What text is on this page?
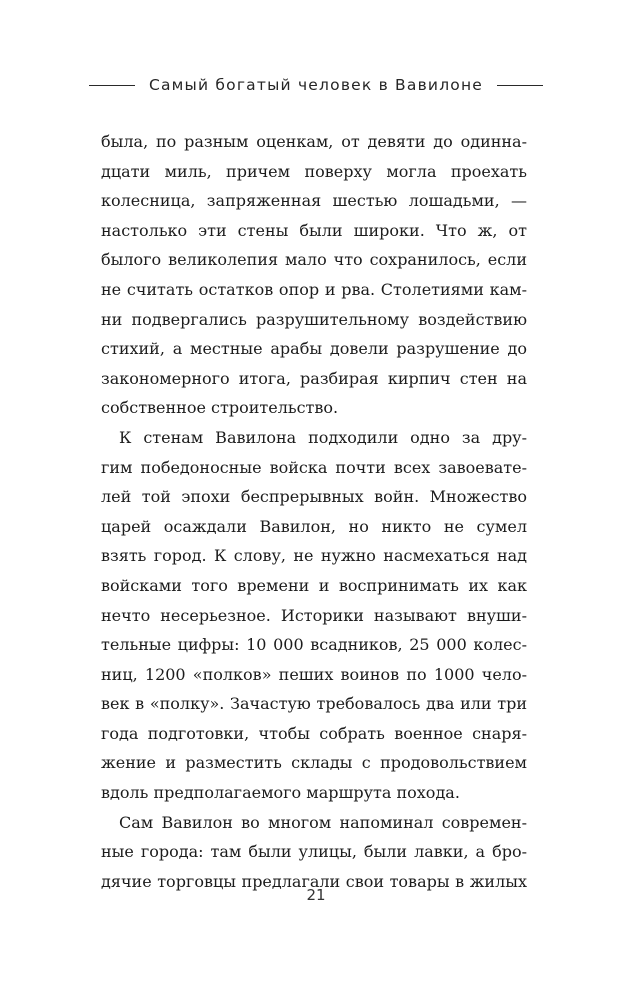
Самый богатый человек в Вавилоне
была, по разным оценкам, от девяти до одинна-
дцати миль, причем поверху могла проехать
колесница, запряженная шестью лошадьми, —
настолько эти стены были широки. Что ж, от
былого великолепия мало что сохранилось, если
не считать остатков опор и рва. Столетиями кам-
ни подвергались разрушительному воздействию
стихий, а местные арабы довели разрушение до
закономерного итога, разбирая кирпич стен на
собственное строительство.
К стенам Вавилона подходили одно за дру-
гим победоносные войска почти всех завоевате-
лей той эпохи беспрерывных войн. Множество
царей осаждали Вавилон, но никто не сумел
взять город. К слову, не нужно насмехаться над
войсками того времени и воспринимать их как
нечто несерьезное. Историки называют внуши-
тельные цифры: 10 000 всадников, 25 000 колес-
ниц, 1200 «полков» пеших воинов по 1000 чело-
век в «полку». Зачастую требовалось два или три
года подготовки, чтобы собрать военное снаря-
жение и разместить склады с продовольствием
вдоль предполагаемого маршрута похода.
Сам Вавилон во многом напоминал современ-
ные города: там были улицы, были лавки, а бро-
дячие торговцы предлагали свои товары в жилых
21
